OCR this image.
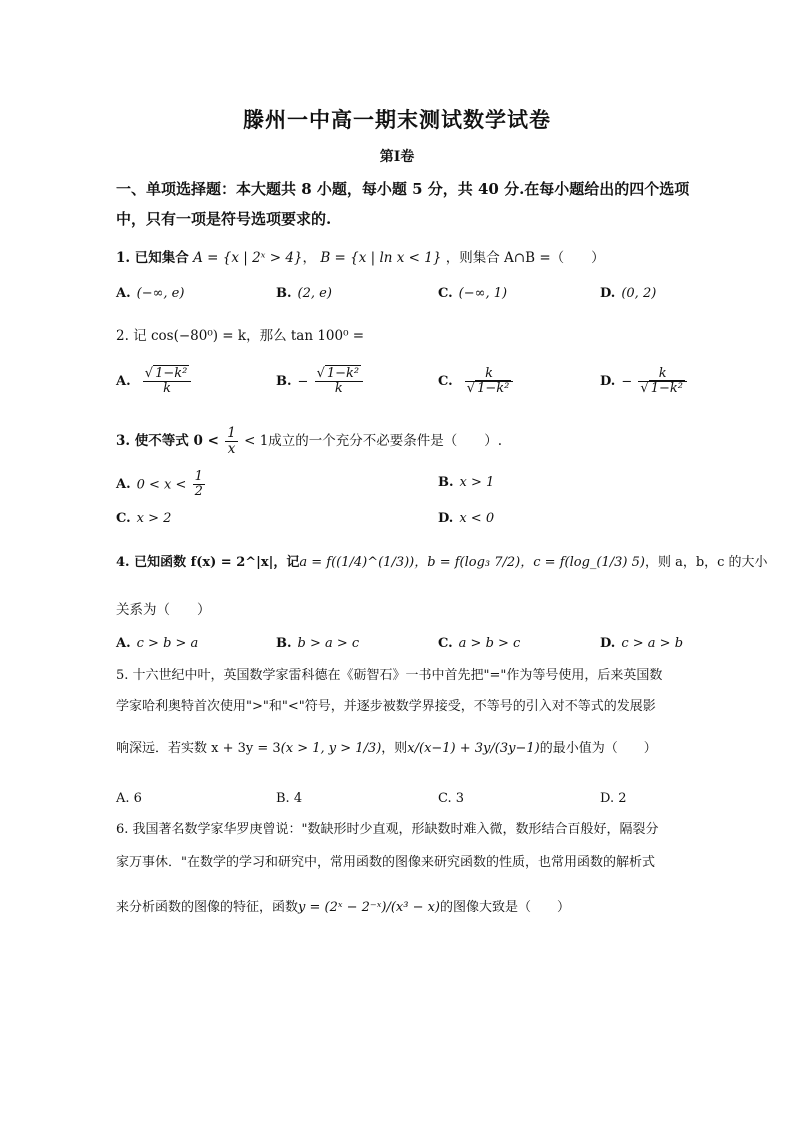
滕州一中高一期末测试数学试卷
第Ⅰ卷
一、单项选择题：本大题共 8 小题，每小题 5 分，共 40 分.在每小题给出的四个选项
中，只有一项是符号选项要求的.
1. 已知集合 A = {x | 2ˣ > 4}， B = {x | ln x < 1} ，则集合 A∩B =（　　）
A. (−∞, e)	B. (2, e)	C. (−∞, 1)	D. (0, 2)
2. 记 cos(−80⁰) = k，那么 tan 100⁰ =
A. $\frac{\text{√ 1−k²}}{k}$	B. − $\frac{\text{√ 1−k²}}{k}$	C. $\frac{k}{\text{√ 1−k²}}$	D. − $\frac{k}{\text{√ 1−k²}}$
3. 使不等式 $0 < \frac{1}{x} < 1$成立的一个充分不必要条件是（　　）.
A. $0 < x < \frac{1}{2}$	B. x > 1
C. x > 2	D. x < 0
4. 已知函数 f(x) = 2^|x|，记a = f((1/4)^(1/3))，b = f(log₃ 7/2)，c = f(log_(1/3) 5)，则 a，b，c 的大小
关系为（　　）
A. c > b > a	B. b > a > c	C. a > b > c	D. c > a > b
5. 十六世纪中叶，英国数学家雷科德在《砺智石》一书中首先把"="作为等号使用，后来英国数
学家哈利奥特首次使用">"和"<"符号，并逐步被数学界接受，不等号的引入对不等式的发展影
响深远．若实数 x + 3y = 3(x > 1, y > 1/3)，则x/(x−1) + 3y/(3y−1)的最小值为（　　）
A. 6	B. 4	C. 3	D. 2
6. 我国著名数学家华罗庚曾说："数缺形时少直观，形缺数时难入微，数形结合百般好，隔裂分
家万事休．"在数学的学习和研究中，常用函数的图像来研究函数的性质，也常用函数的解析式
来分析函数的图像的特征，函数y = (2ˣ − 2⁻ˣ)/(x³ − x)的图像大致是（　　）
